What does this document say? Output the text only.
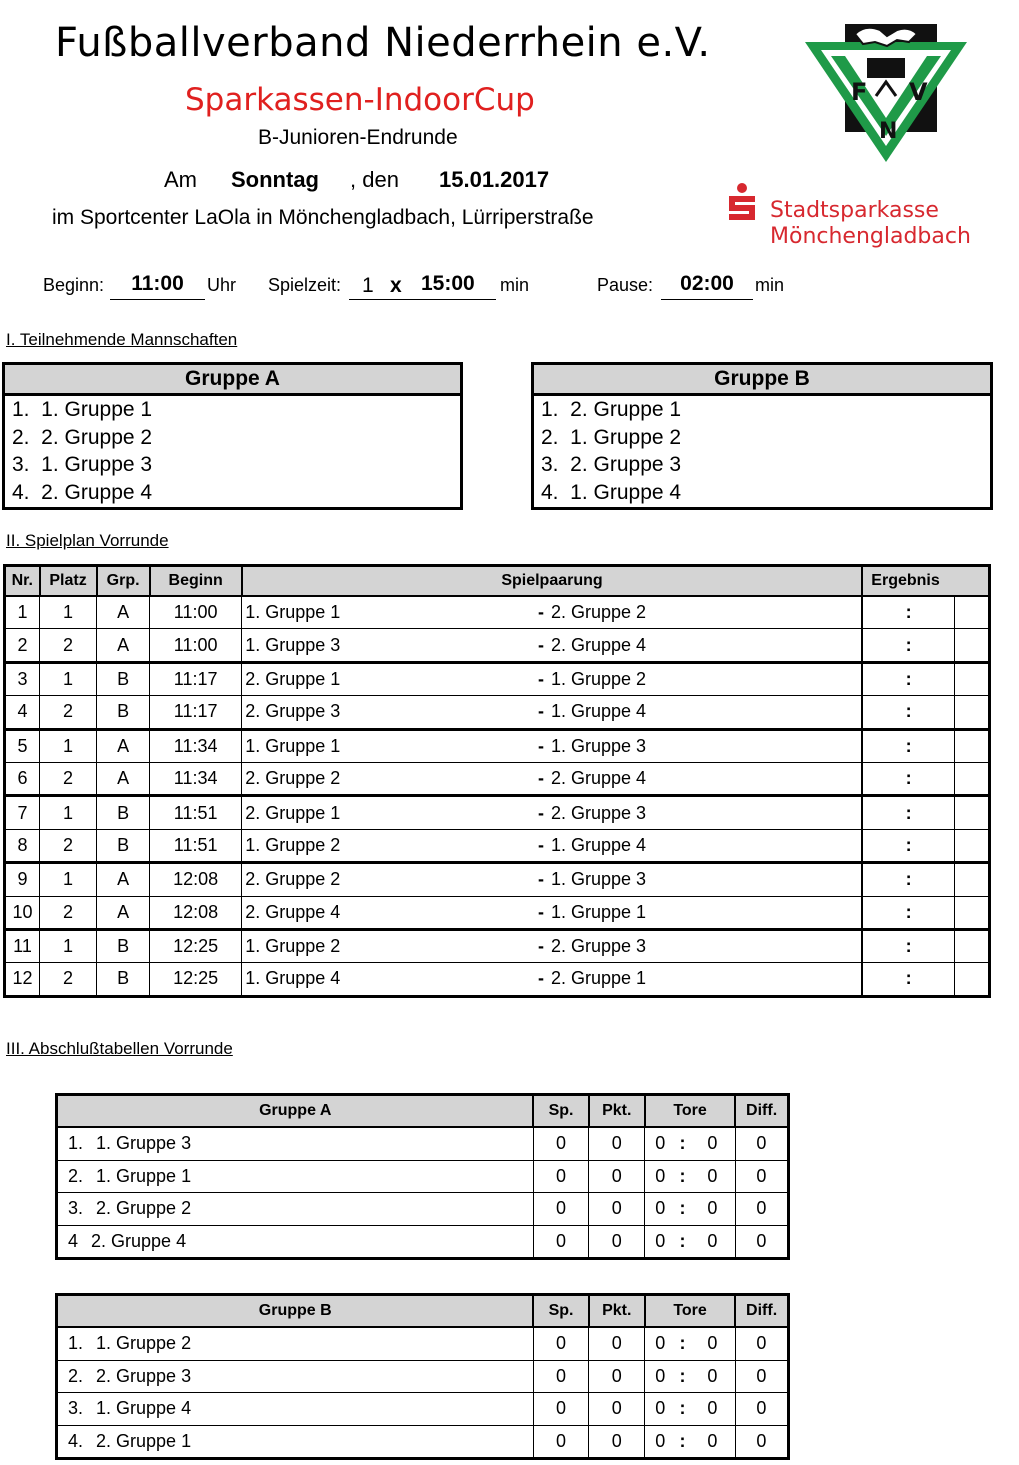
Fußballverband Niederrhein e.V.
Sparkassen-IndoorCup
B-Junioren-Endrunde
Am Sonntag , den 15.01.2017
im Sportcenter LaOla in Mönchengladbach, Lürriperstraße
F V
N
Stadtsparkasse
Mönchengladbach
Beginn:	11:00	Uhr Spielzeit: 1 x 15:00 min	Pause:	02:00	min
I. Teilnehmende Mannschaften
Gruppe A
1.  1. Gruppe 1
2.  2. Gruppe 2
3.  1. Gruppe 3
4.  2. Gruppe 4
Gruppe B
1.  2. Gruppe 1
2.  1. Gruppe 2
3.  2. Gruppe 3
4.  1. Gruppe 4
II. Spielplan Vorrunde
Nr.	Platz	Grp.	Beginn	Spielpaarung			Ergebnis	
1	1	A	11:00	1. Gruppe 1	-	2. Gruppe 2	:	
2	2	A	11:00	1. Gruppe 3	-	2. Gruppe 4	:	
3	1	B	11:17	2. Gruppe 1	-	1. Gruppe 2	:	
4	2	B	11:17	2. Gruppe 3	-	1. Gruppe 4	:	
5	1	A	11:34	1. Gruppe 1	-	1. Gruppe 3	:	
6	2	A	11:34	2. Gruppe 2	-	2. Gruppe 4	:	
7	1	B	11:51	2. Gruppe 1	-	2. Gruppe 3	:	
8	2	B	11:51	1. Gruppe 2	-	1. Gruppe 4	:	
9	1	A	12:08	2. Gruppe 2	-	1. Gruppe 3	:	
10	2	A	12:08	2. Gruppe 4	-	1. Gruppe 1	:	
11	1	B	12:25	1. Gruppe 2	-	2. Gruppe 3	:	
12	2	B	12:25	1. Gruppe 4	-	2. Gruppe 1	:	
III. Abschlußtabellen Vorrunde
Gruppe A	Sp.	Pkt.	Tore			Diff.
1. 1. Gruppe 3	0	0	0	:	0	0
2. 1. Gruppe 1	0	0	0	:	0	0
3. 2. Gruppe 2	0	0	0	:	0	0
4 2. Gruppe 4	0	0	0	:	0	0
Gruppe B	Sp.	Pkt.	Tore			Diff.
1. 1. Gruppe 2	0	0	0	:	0	0
2. 2. Gruppe 3	0	0	0	:	0	0
3. 1. Gruppe 4	0	0	0	:	0	0
4. 2. Gruppe 1	0	0	0	:	0	0
